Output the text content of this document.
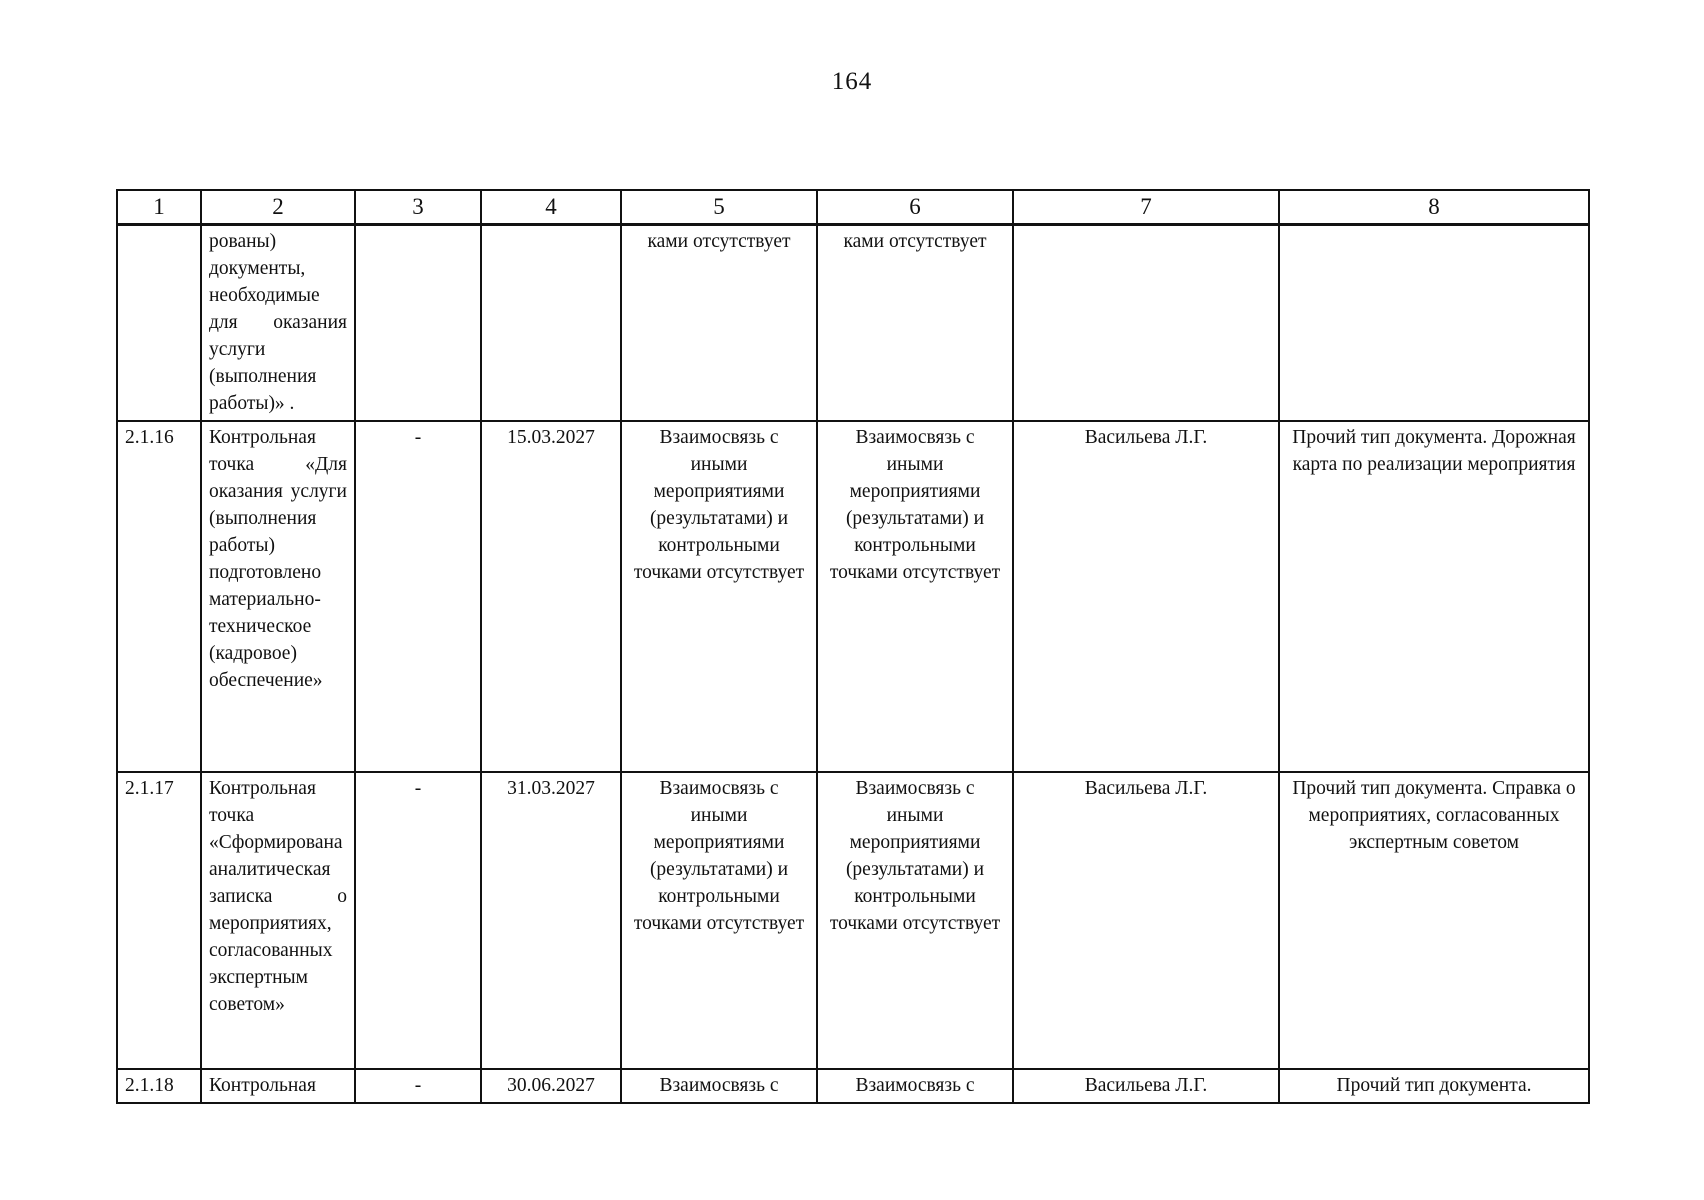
164
1	2	3	4	5	6	7	8
	рованы) документы, необходимые для оказания услуги (выполнения работы)» .			ками отсутствует	ками отсутствует		
2.1.16	Контрольная точка «Для оказания услуги (выполнения работы) подготовлено материально-техническое (кадровое) обеспечение»	-	15.03.2027	Взаимосвязь с иными мероприятиями (результатами) и контрольными точками отсутствует	Взаимосвязь с иными мероприятиями (результатами) и контрольными точками отсутствует	Васильева Л.Г.	Прочий тип документа. Дорожная карта по реализации мероприятия
2.1.17	Контрольная точка «Сформирована аналитическая записка о мероприятиях, согласованных экспертным советом»	-	31.03.2027	Взаимосвязь с иными мероприятиями (результатами) и контрольными точками отсутствует	Взаимосвязь с иными мероприятиями (результатами) и контрольными точками отсутствует	Васильева Л.Г.	Прочий тип документа. Справка о мероприятиях, согласованных экспертным советом
2.1.18	Контрольная	-	30.06.2027	Взаимосвязь с	Взаимосвязь с	Васильева Л.Г.	Прочий тип документа.
